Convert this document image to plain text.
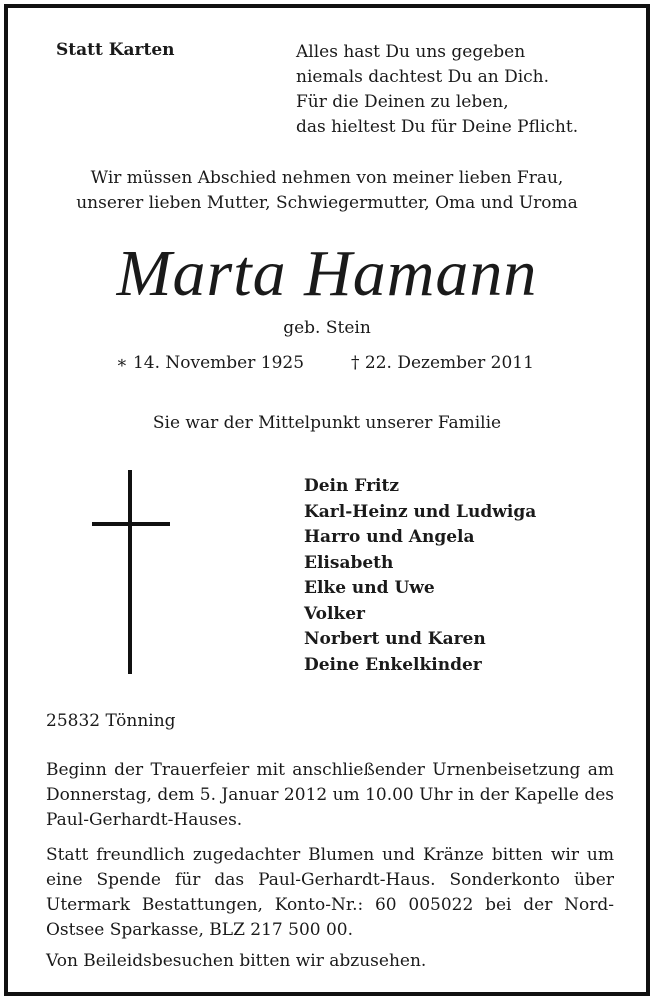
Statt Karten	Alles hast Du uns gegeben
niemals dachtest Du an Dich.
Für die Deinen zu leben,
das hieltest Du für Deine Pflicht.
Wir müssen Abschied nehmen von meiner lieben Frau,
unserer lieben Mutter, Schwiegermutter, Oma und Uroma
Marta Hamann
geb. Stein
∗ 14. November 1925	† 22. Dezember 2011
Sie war der Mittelpunkt unserer Familie
Dein Fritz
Karl-Heinz und Ludwiga
Harro und Angela
Elisabeth
Elke und Uwe
Volker
Norbert und Karen
Deine Enkelkinder
25832 Tönning
Beginn der Trauerfeier mit anschließender Urnenbeisetzung am Donnerstag, dem 5. Januar 2012 um 10.00 Uhr in der Kapelle des Paul-Gerhardt-Hauses.
Statt freundlich zugedachter Blumen und Kränze bitten wir um eine Spende für das Paul-Gerhardt-Haus. Sonderkonto über Utermark Bestattungen, Konto-Nr.: 60 005022 bei der Nord-Ostsee Sparkasse, BLZ 217 500 00.
Von Beileidsbesuchen bitten wir abzusehen.
